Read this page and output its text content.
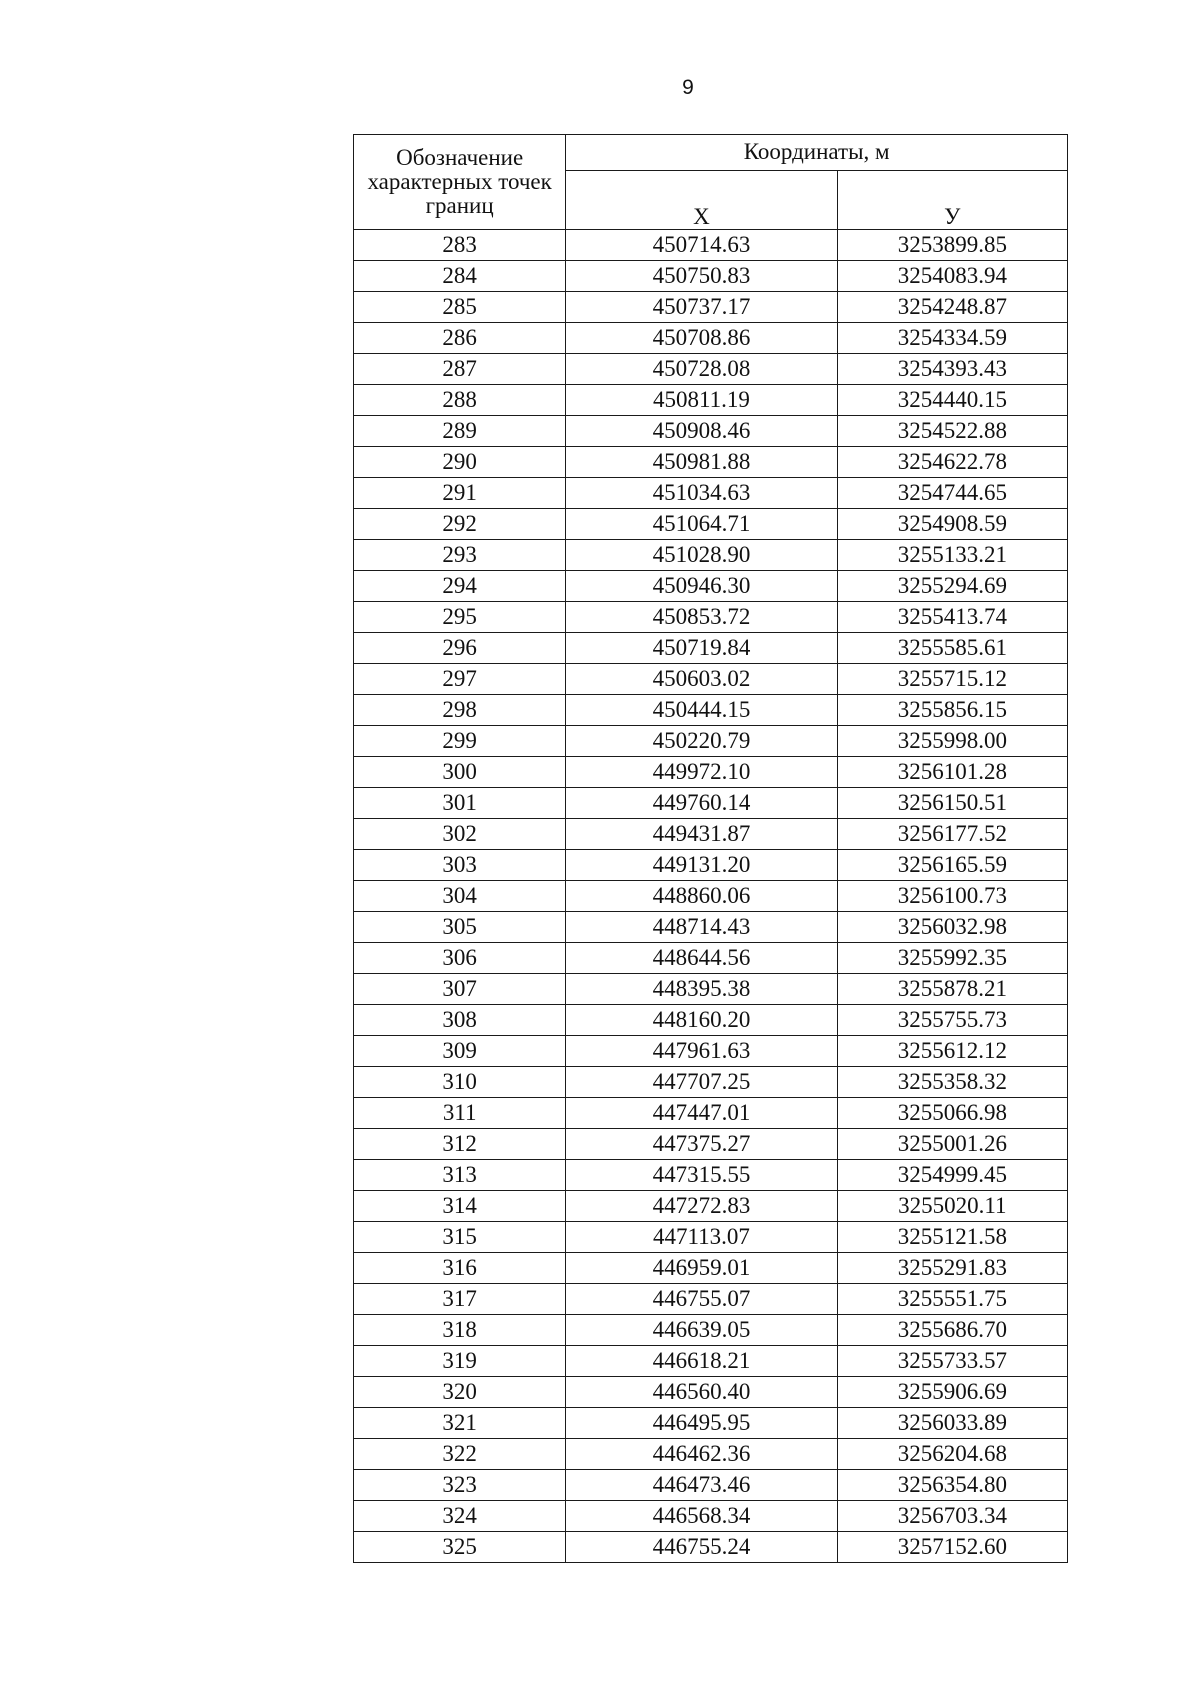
9
Обозначение характерных точек границ	Координаты, м	
	X	У
283	450714.63	3253899.85
284	450750.83	3254083.94
285	450737.17	3254248.87
286	450708.86	3254334.59
287	450728.08	3254393.43
288	450811.19	3254440.15
289	450908.46	3254522.88
290	450981.88	3254622.78
291	451034.63	3254744.65
292	451064.71	3254908.59
293	451028.90	3255133.21
294	450946.30	3255294.69
295	450853.72	3255413.74
296	450719.84	3255585.61
297	450603.02	3255715.12
298	450444.15	3255856.15
299	450220.79	3255998.00
300	449972.10	3256101.28
301	449760.14	3256150.51
302	449431.87	3256177.52
303	449131.20	3256165.59
304	448860.06	3256100.73
305	448714.43	3256032.98
306	448644.56	3255992.35
307	448395.38	3255878.21
308	448160.20	3255755.73
309	447961.63	3255612.12
310	447707.25	3255358.32
311	447447.01	3255066.98
312	447375.27	3255001.26
313	447315.55	3254999.45
314	447272.83	3255020.11
315	447113.07	3255121.58
316	446959.01	3255291.83
317	446755.07	3255551.75
318	446639.05	3255686.70
319	446618.21	3255733.57
320	446560.40	3255906.69
321	446495.95	3256033.89
322	446462.36	3256204.68
323	446473.46	3256354.80
324	446568.34	3256703.34
325	446755.24	3257152.60
